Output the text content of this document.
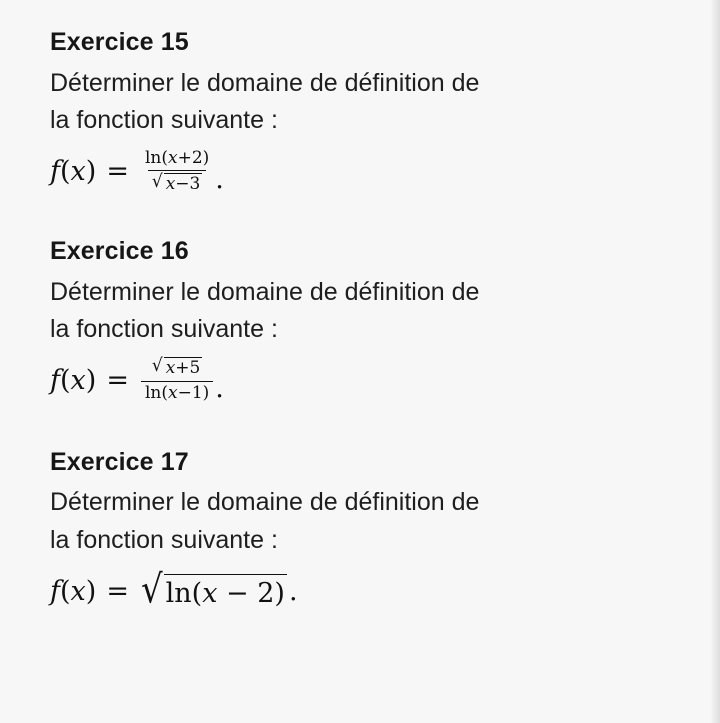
Exercice 15

Déterminer le domaine de définition de

la fonction suivante :

$f(x) = \frac{\ln(x+2)}{√ x-3}$ .
Exercice 16

Déterminer le domaine de définition de

la fonction suivante :

$f(x) = \frac{√ x+5}{\ln(x-1)}$ .
Exercice 17

Déterminer le domaine de définition de

la fonction suivante :

f(x) = √ ln(x − 2) .
